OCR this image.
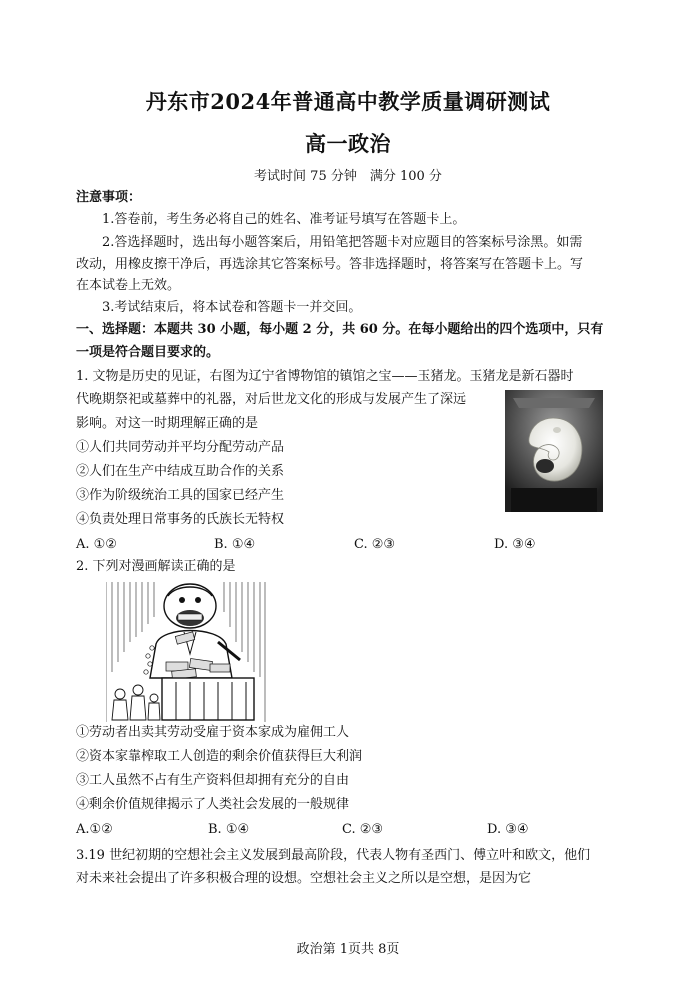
丹东市2024年普通高中教学质量调研测试
高一政治
考试时间 75 分钟　满分 100 分
注意事项：
1.答卷前，考生务必将自己的姓名、准考证号填写在答题卡上。
2.答选择题时，选出每小题答案后，用铅笔把答题卡对应题目的答案标号涂黑。如需
改动，用橡皮擦干净后，再选涂其它答案标号。答非选择题时，将答案写在答题卡上。写
在本试卷上无效。
3.考试结束后，将本试卷和答题卡一并交回。
一、选择题：本题共 30 小题，每小题 2 分，共 60 分。在每小题给出的四个选项中，只有
一项是符合题目要求的。
1. 文物是历史的见证，右图为辽宁省博物馆的镇馆之宝——玉猪龙。玉猪龙是新石器时
代晚期祭祀或墓葬中的礼器，对后世龙文化的形成与发展产生了深远
影响。对这一时期理解正确的是
①人们共同劳动并平均分配劳动产品
②人们在生产中结成互助合作的关系
③作为阶级统治工具的国家已经产生
④负责处理日常事务的氏族长无特权
A. ①②	B. ①④	C. ②③	D. ③④
2. 下列对漫画解读正确的是
①劳动者出卖其劳动受雇于资本家成为雇佣工人
②资本家靠榨取工人创造的剩余价值获得巨大利润
③工人虽然不占有生产资料但却拥有充分的自由
④剩余价值规律揭示了人类社会发展的一般规律
A.①②	B. ①④	C. ②③	D. ③④
3.19 世纪初期的空想社会主义发展到最高阶段，代表人物有圣西门、傅立叶和欧文，他们
对未来社会提出了许多积极合理的设想。空想社会主义之所以是空想，是因为它
政治第 1页共 8页
